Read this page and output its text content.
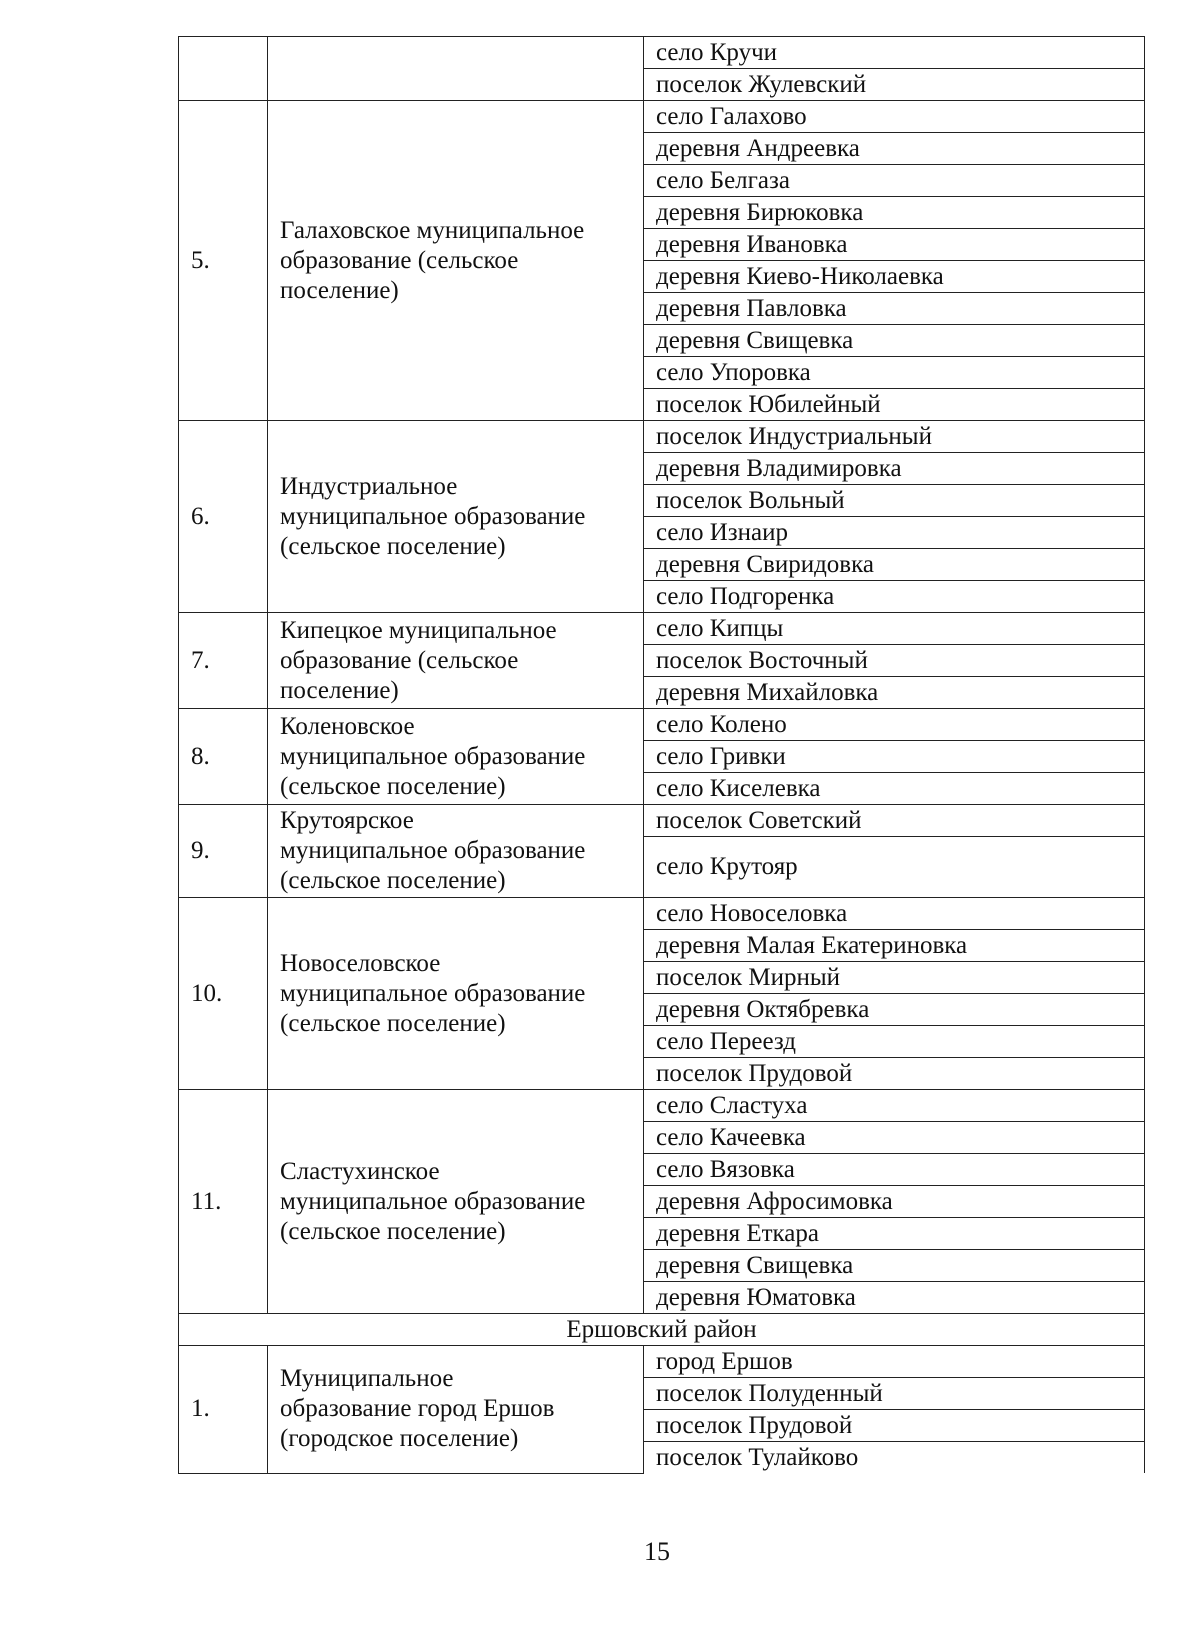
		село Кручи
		поселок Жулевский
5.	Галаховское муниципальное
образование (сельское
поселение)	село Галахово
		деревня Андреевка
		село Белгаза
		деревня Бирюковка
		деревня Ивановка
		деревня Киево-Николаевка
		деревня Павловка
		деревня Свищевка
		село Упоровка
		поселок Юбилейный
6.	Индустриальное
муниципальное образование
(сельское поселение)	поселок Индустриальный
		деревня Владимировка
		поселок Вольный
		село Изнаир
		деревня Свиридовка
		село Подгоренка
7.	Кипецкое муниципальное
образование (сельское
поселение)	село Кипцы
		поселок Восточный
		деревня Михайловка
8.	Коленовское
муниципальное образование
(сельское поселение)	село Колено
		село Гривки
		село Киселевка
9.	Крутоярское
муниципальное образование
(сельское поселение)	поселок Советский
		село Крутояр
10.	Новоселовское
муниципальное образование
(сельское поселение)	село Новоселовка
		деревня Малая Екатериновка
		поселок Мирный
		деревня Октябревка
		село Переезд
		поселок Прудовой
11.	Сластухинское
муниципальное образование
(сельское поселение)	село Сластуха
		село Качеевка
		село Вязовка
		деревня Афросимовка
		деревня Еткара
		деревня Свищевка
		деревня Юматовка
Ершовский район		
1.	Муниципальное
образование город Ершов
(городское поселение)	город Ершов
		поселок Полуденный
		поселок Прудовой
		поселок Тулайково
15
